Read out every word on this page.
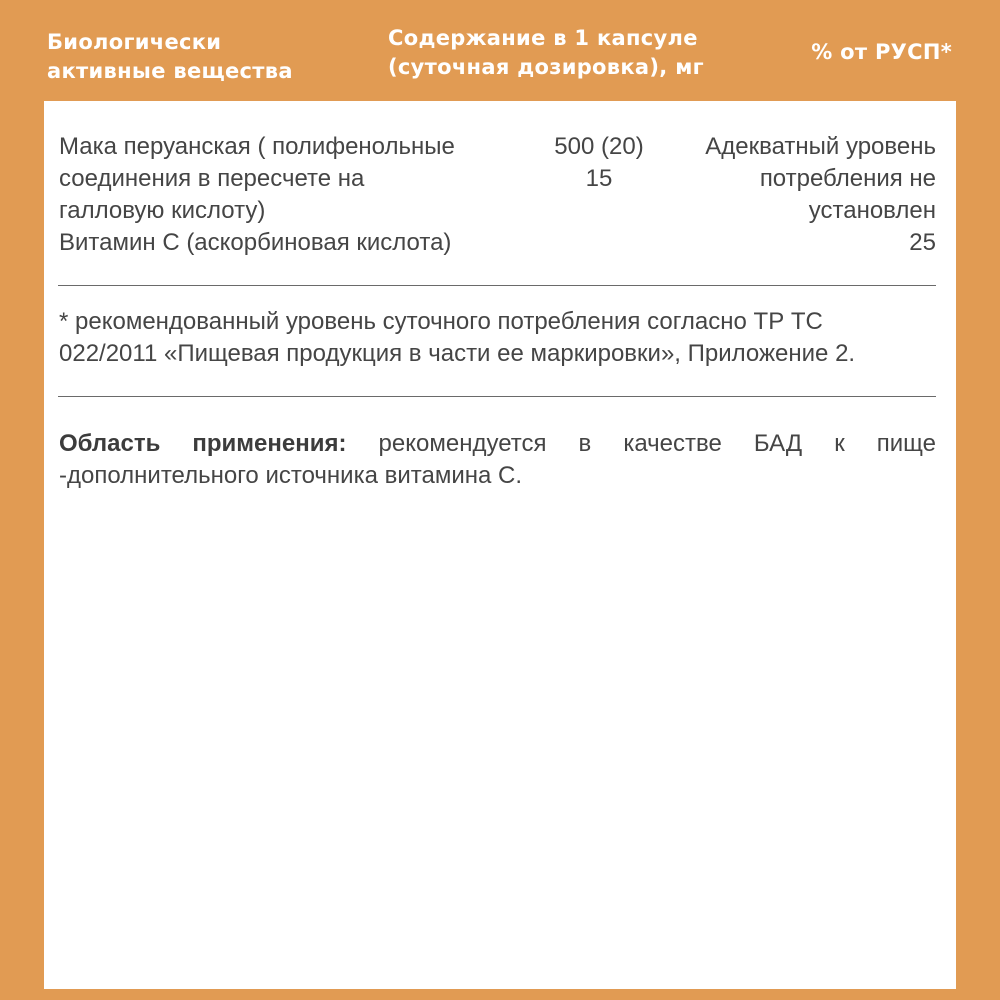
Биологически
активные вещества
Содержание в 1 капсуле
(суточная дозировка), мг
% от РУСП*
Мака перуанская ( полифенольные
соединения в пересчете на
галловую кислоту)
500 (20)
15
Адекватный уровень
потребления не
установлен
Витамин С (аскорбиновая кислота)	25
* рекомендованный уровень суточного потребления согласно ТР ТС
022/2011 «Пищевая продукция в части ее маркировки», Приложение 2.
Область применения: рекомендуется в качестве БАД к пище -дополнительного источника витамина С.
